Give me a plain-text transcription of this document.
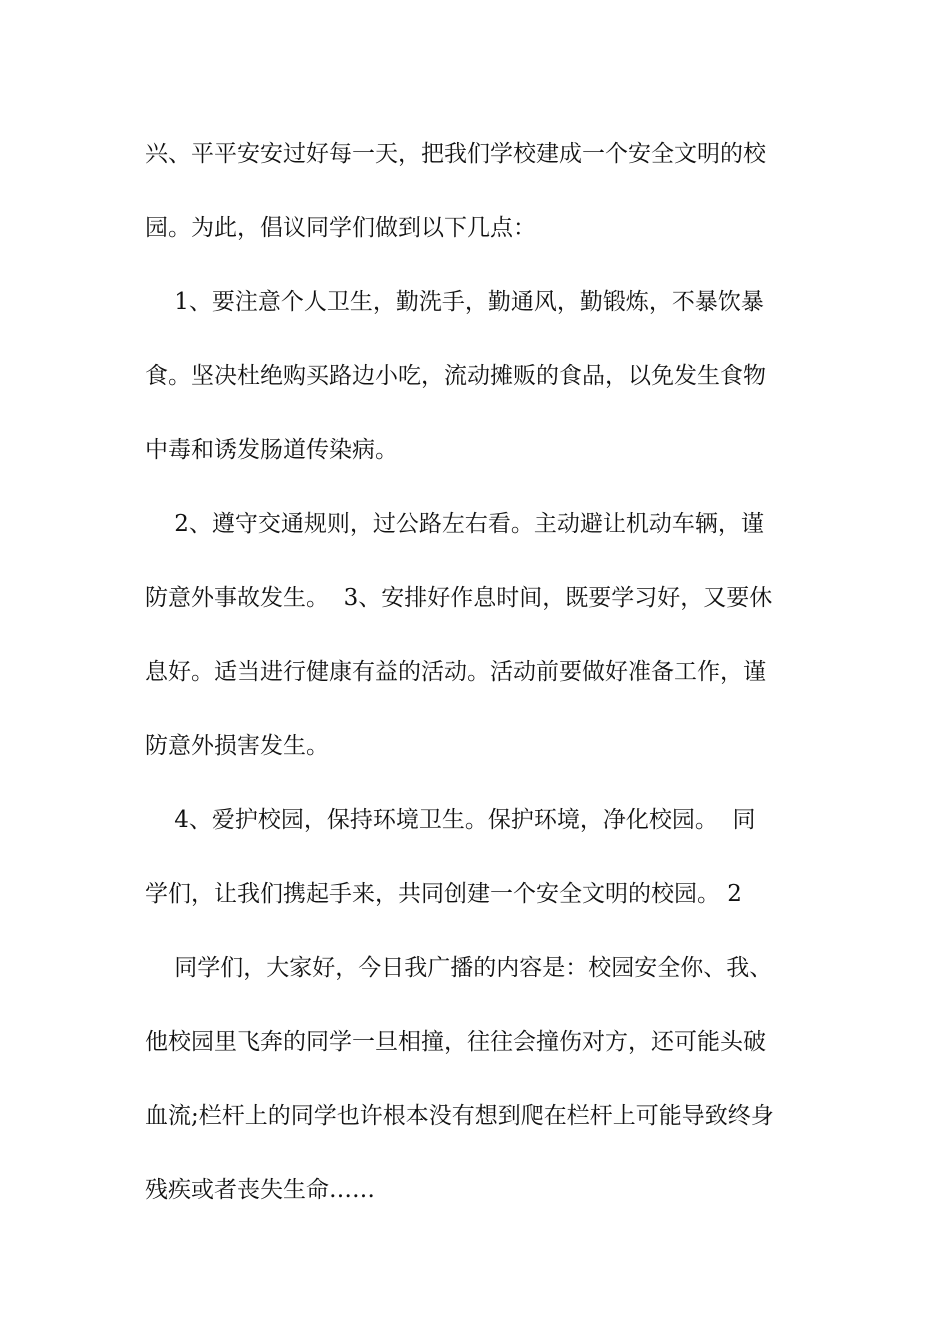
兴、平平安安过好每一天，把我们学校建成一个安全文明的校
园。为此，倡议同学们做到以下几点：
1、要注意个人卫生，勤洗手，勤通风，勤锻炼，不暴饮暴
食。坚决杜绝购买路边小吃，流动摊贩的食品，以免发生食物
中毒和诱发肠道传染病。
2、遵守交通规则，过公路左右看。主动避让机动车辆，谨
防意外事故发生。  3、安排好作息时间，既要学习好，又要休
息好。适当进行健康有益的活动。活动前要做好准备工作，谨
防意外损害发生。
4、爱护校园，保持环境卫生。保护环境，净化校园。  同
学们，让我们携起手来，共同创建一个安全文明的校园。 2
同学们，大家好，今日我广播的内容是：校园安全你、我、
他校园里飞奔的同学一旦相撞，往往会撞伤对方，还可能头破
血流;栏杆上的同学也许根本没有想到爬在栏杆上可能导致终身
残疾或者丧失生命……
